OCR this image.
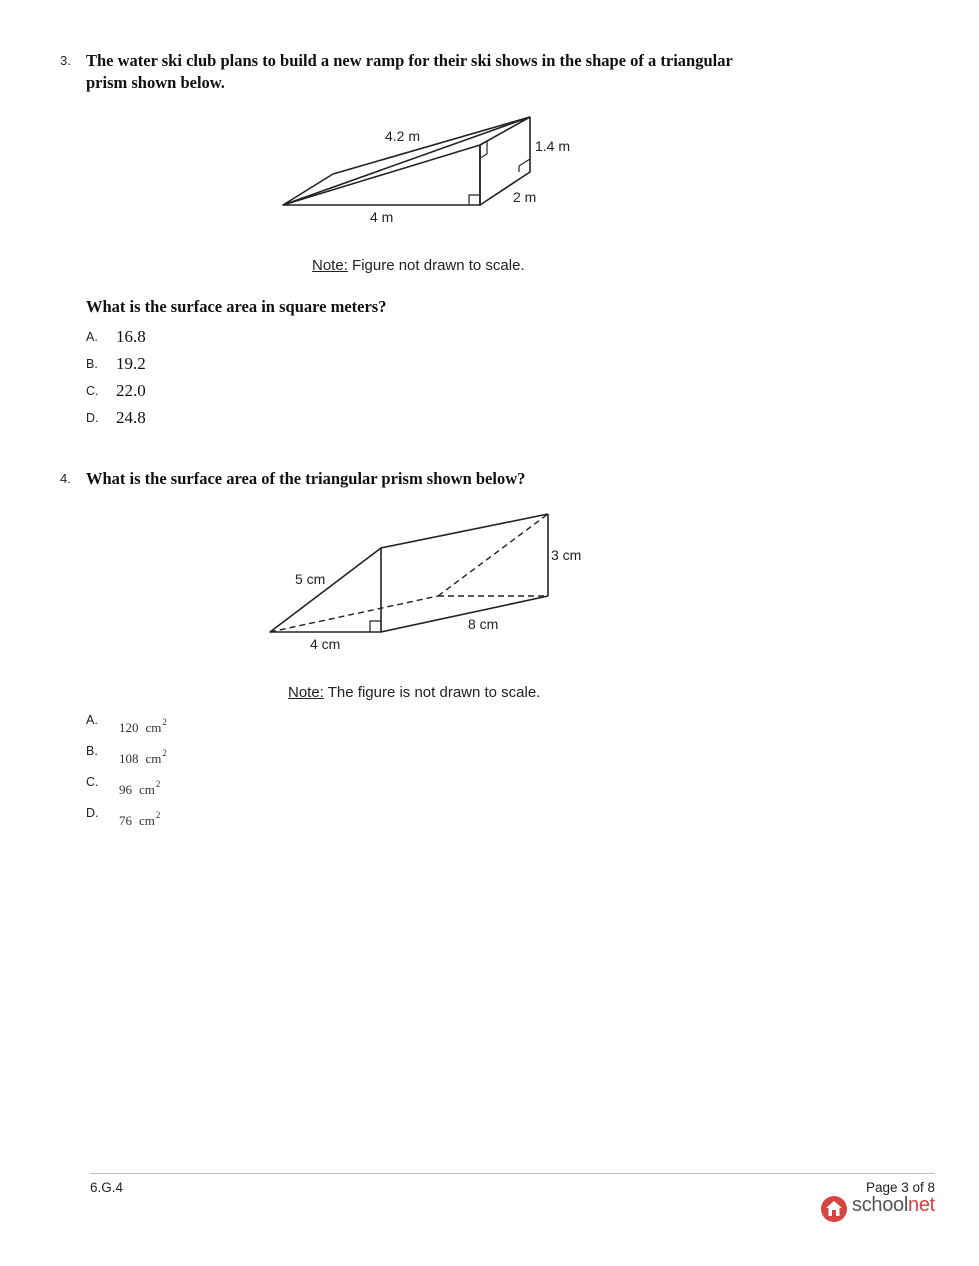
3. The water ski club plans to build a new ramp for their ski shows in the shape of a triangular
prism shown below.
4.2 m
1.4 m
2 m
4 m
Note: Figure not drawn to scale.
What is the surface area in square meters?
A. 16.8
B. 19.2
C. 22.0
D. 24.8
4. What is the surface area of the triangular prism shown below?
3 cm
5 cm
8 cm
4 cm
Note: The figure is not drawn to scale.
A. 120 $cm^2$
B. 108 $cm^2$
C. 96 $cm^2$
D. 76 $cm^2$
6.G.4	Page 3 of 8
schoolnet
